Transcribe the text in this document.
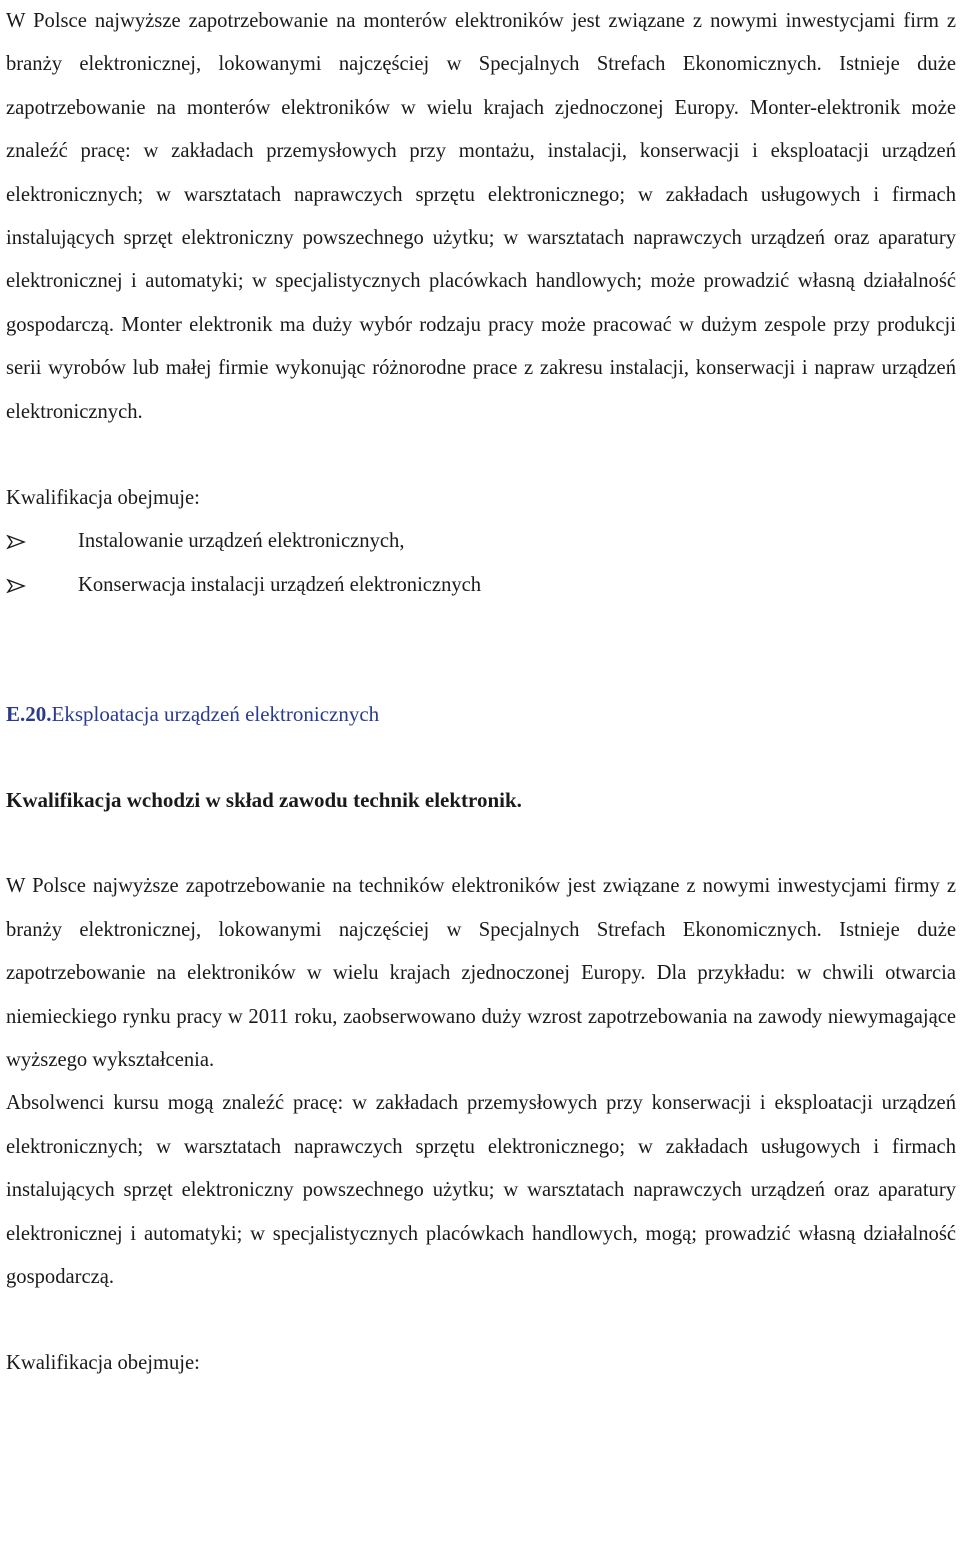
W Polsce najwyższe zapotrzebowanie na monterów elektroników jest związane z nowymi inwestycjami firm z branży elektronicznej, lokowanymi najczęściej w Specjalnych Strefach Ekonomicznych. Istnieje duże zapotrzebowanie na monterów elektroników w wielu krajach zjednoczonej Europy. Monter-elektronik może znaleźć pracę: w zakładach przemysłowych przy montażu, instalacji, konserwacji i eksploatacji urządzeń elektronicznych; w warsztatach naprawczych sprzętu elektronicznego; w zakładach usługowych i firmach instalujących sprzęt elektroniczny powszechnego użytku; w warsztatach naprawczych urządzeń oraz aparatury elektronicznej i automatyki; w specjalistycznych placówkach handlowych; może prowadzić własną działalność gospodarczą. Monter elektronik ma duży wybór rodzaju pracy może pracować w dużym zespole przy produkcji serii wyrobów lub małej firmie wykonując różnorodne prace z zakresu instalacji, konserwacji i napraw urządzeń elektronicznych.

Kwalifikacja obejmuje:

Instalowanie urządzeń elektronicznych,
Konserwacja instalacji urządzeń elektronicznych

E.20.Eksploatacja urządzeń elektronicznych

Kwalifikacja wchodzi w skład zawodu technik elektronik.

W Polsce najwyższe zapotrzebowanie na techników elektroników jest związane z nowymi inwestycjami firmy z branży elektronicznej, lokowanymi najczęściej w Specjalnych Strefach Ekonomicznych. Istnieje duże zapotrzebowanie na elektroników w wielu krajach zjednoczonej Europy. Dla przykładu: w chwili otwarcia niemieckiego rynku pracy w 2011 roku, zaobserwowano duży wzrost zapotrzebowania na zawody niewymagające wyższego wykształcenia.

Absolwenci kursu mogą znaleźć pracę: w zakładach przemysłowych przy konserwacji i eksploatacji urządzeń elektronicznych; w warsztatach naprawczych sprzętu elektronicznego; w zakładach usługowych i firmach instalujących sprzęt elektroniczny powszechnego użytku; w warsztatach naprawczych urządzeń oraz aparatury elektronicznej i automatyki; w specjalistycznych placówkach handlowych, mogą; prowadzić własną działalność gospodarczą.

Kwalifikacja obejmuje:
